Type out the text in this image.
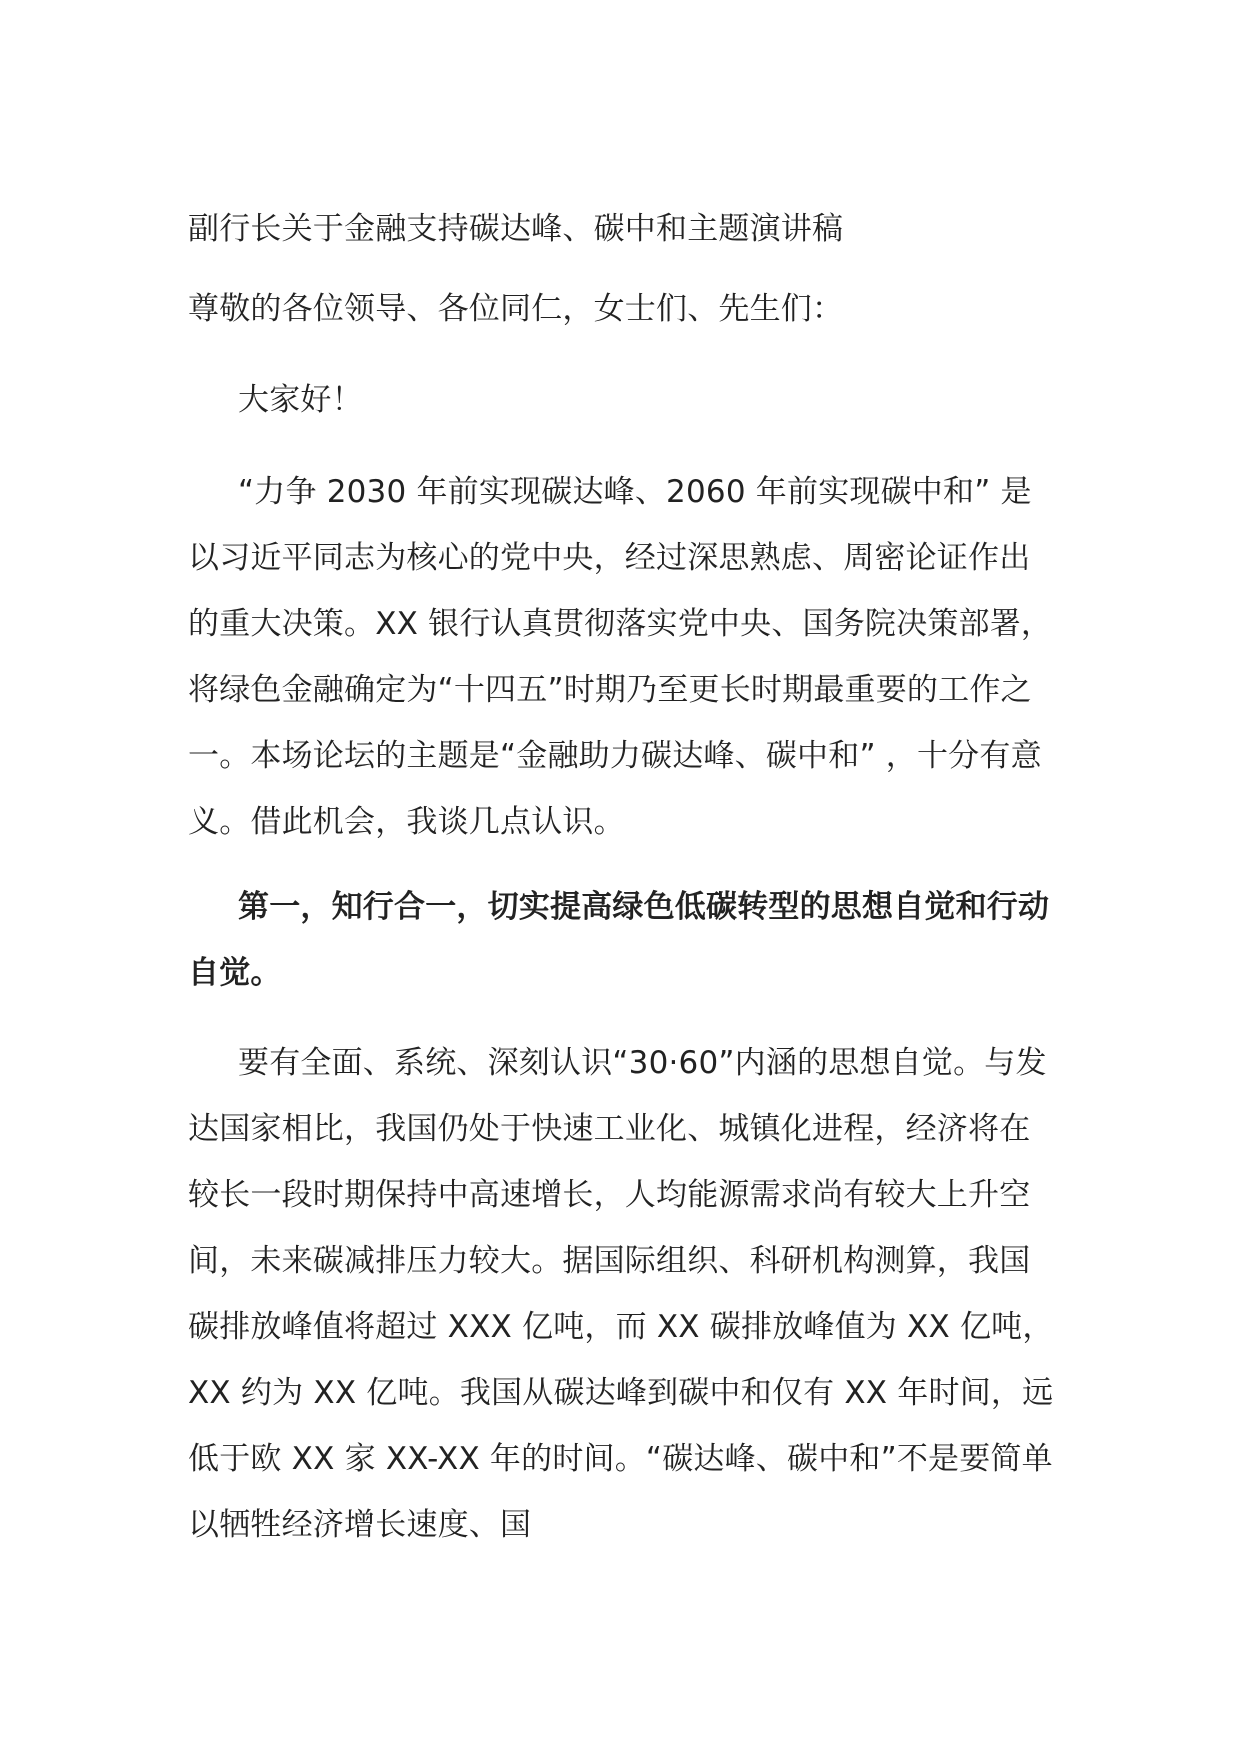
副行长关于金融支持碳达峰、碳中和主题演讲稿
尊敬的各位领导、各位同仁，女士们、先生们：
大家好！
“力争 2030 年前实现碳达峰、2060 年前实现碳中和” 是以习近平同志为核心的党中央，经过深思熟虑、周密论证作出的重大决策。XX 银行认真贯彻落实党中央、国务院决策部署，将绿色金融确定为“十四五”时期乃至更长时期最重要的工作之一。本场论坛的主题是“金融助力碳达峰、碳中和” ，十分有意义。借此机会，我谈几点认识。
第一，知行合一，切实提高绿色低碳转型的思想自觉和行动自觉。
要有全面、系统、深刻认识“30·60”内涵的思想自觉。与发达国家相比，我国仍处于快速工业化、城镇化进程，经济将在较长一段时期保持中高速增长，人均能源需求尚有较大上升空间，未来碳减排压力较大。据国际组织、科研机构测算，我国碳排放峰值将超过 XXX 亿吨，而 XX 碳排放峰值为 XX 亿吨，XX 约为 XX 亿吨。我国从碳达峰到碳中和仅有 XX 年时间，远低于欧 XX 家 XX-XX 年的时间。“碳达峰、碳中和”不是要简单以牺牲经济增长速度、国
